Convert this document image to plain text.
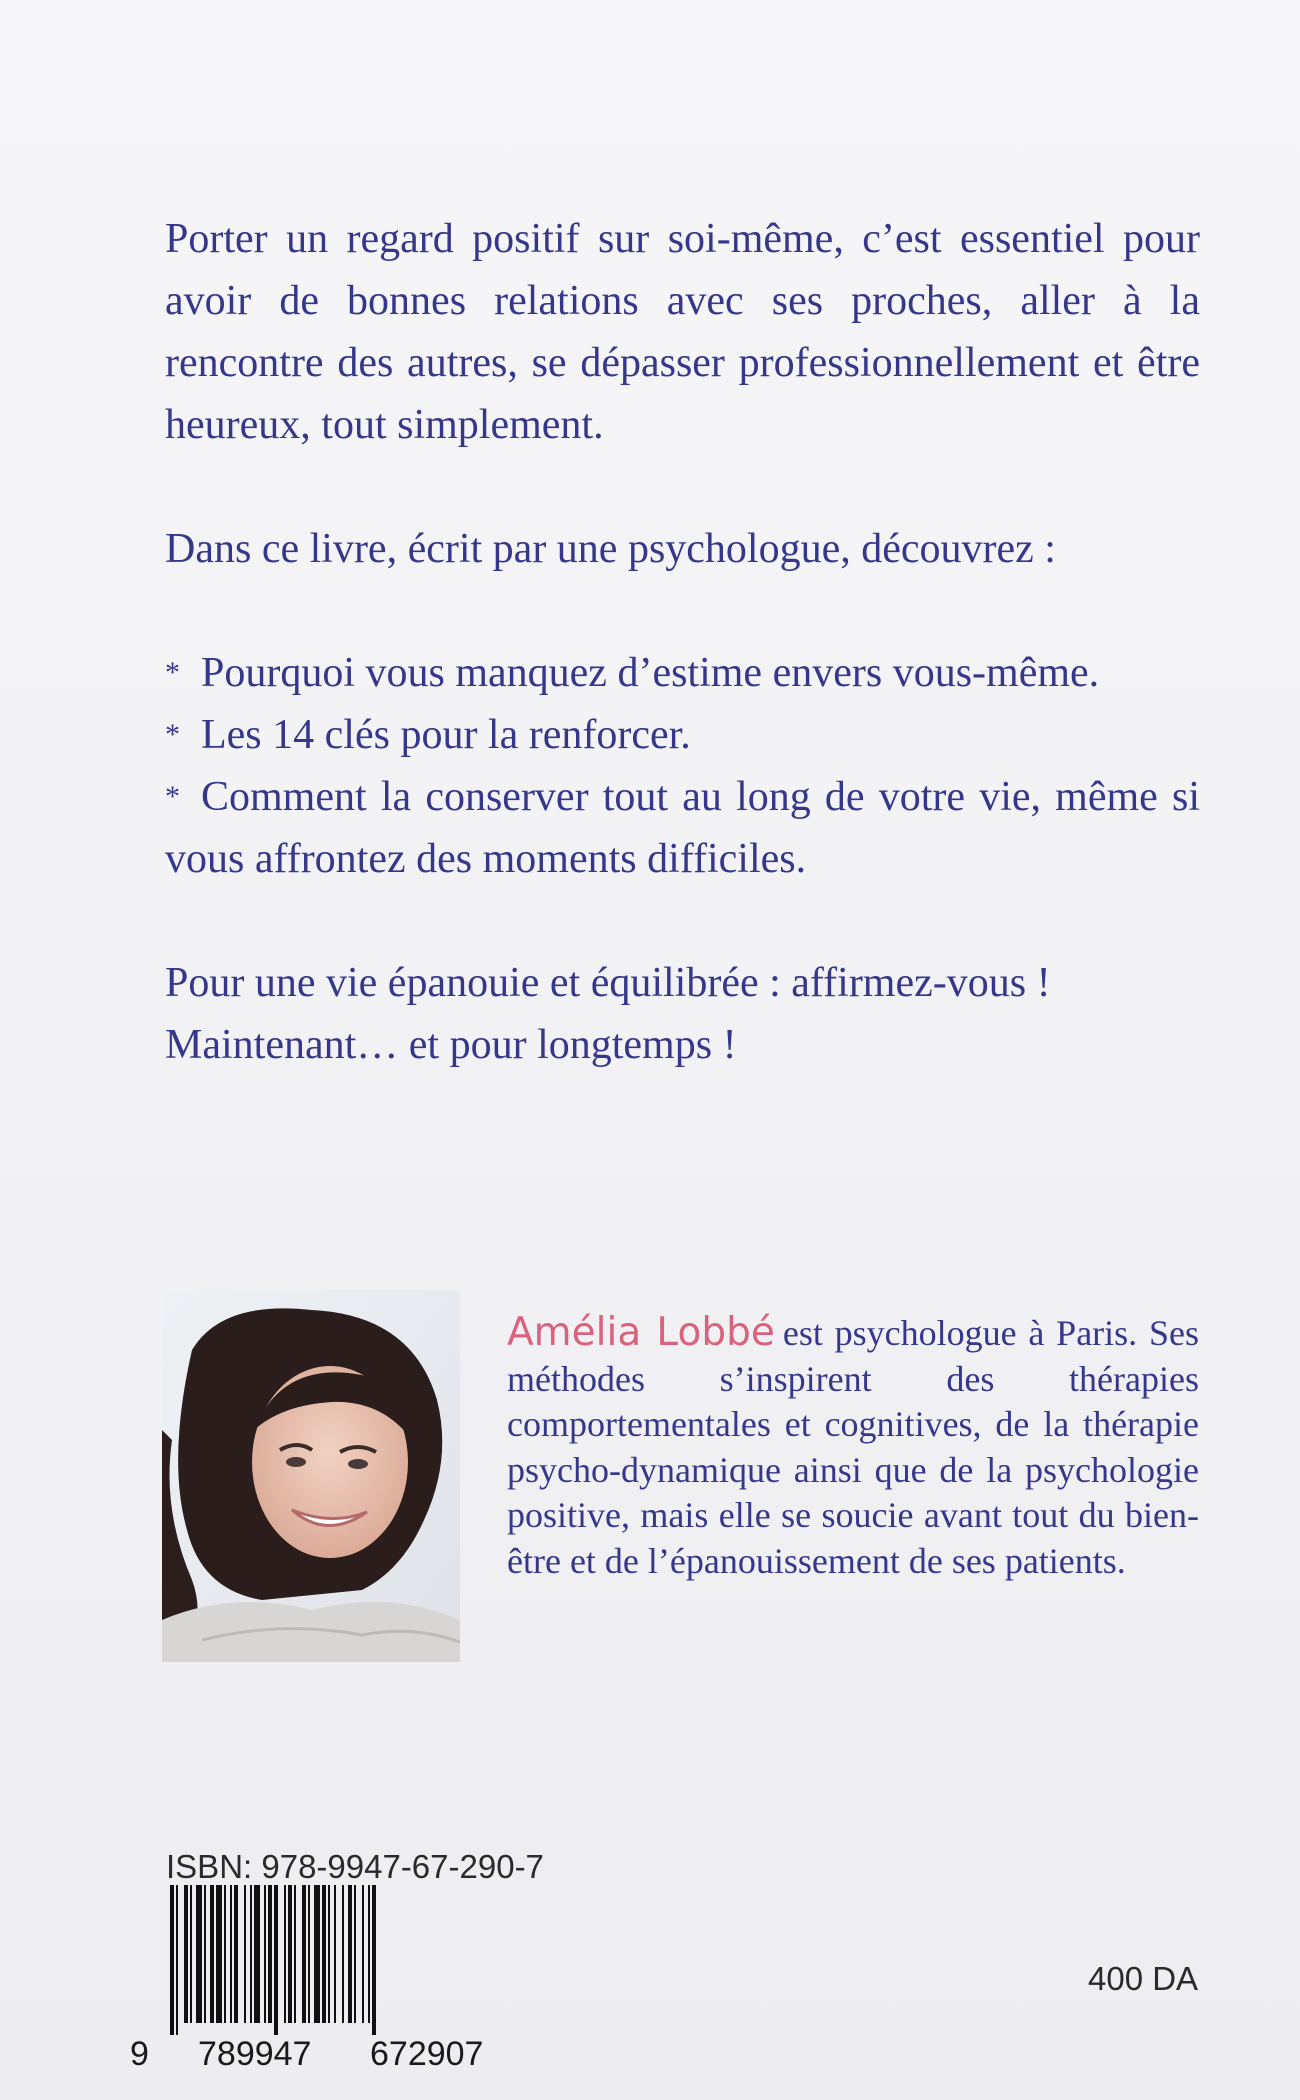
Porter un regard positif sur soi-même, c’est essentiel pour avoir de bonnes relations avec ses proches, aller à la rencontre des autres, se dépasser professionnellement et être heureux, tout simplement.

Dans ce livre, écrit par une psychologue, découvrez :

* Pourquoi vous manquez d’estime envers vous-même.

* Les 14 clés pour la renforcer.

* Comment la conserver tout au long de votre vie, même si vous affrontez des moments difficiles.

Pour une vie épanouie et équilibrée : affirmez-vous !

Maintenant… et pour longtemps !

Amélia Lobbé est psychologue à Paris. Ses méthodes s’inspirent des thérapies comportementales et cognitives, de la thérapie psycho-dynamique ainsi que de la psychologie positive, mais elle se soucie avant tout du bien-être et de l’épanouissement de ses patients.
ISBN: 978-9947-67-290-7
9 789947 672907
400 DA
